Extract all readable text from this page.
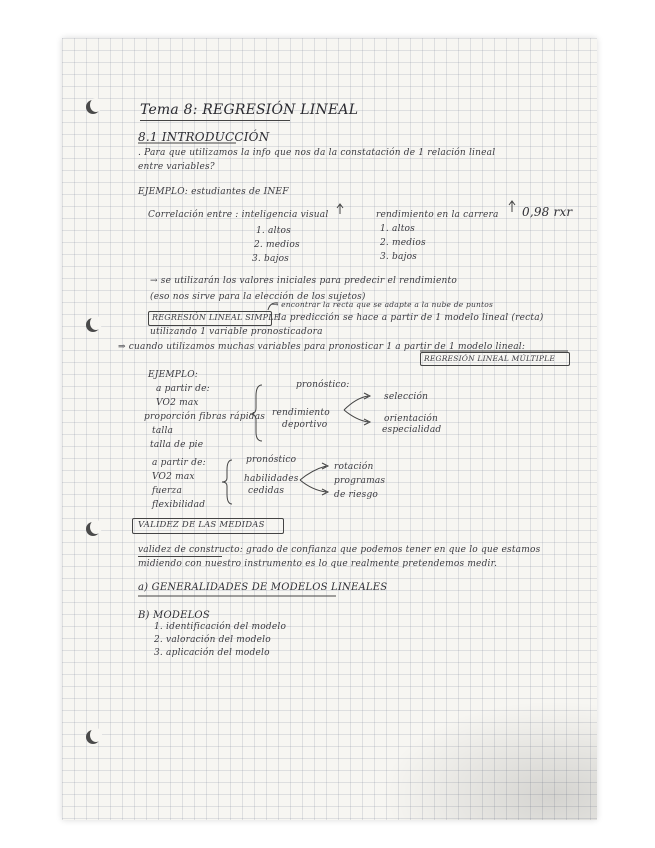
Tema 8: REGRESIÓN LINEAL
8.1 INTRODUCCIÓN
. Para que utilizamos la info que nos da la constatación de 1 relación lineal
entre variables?
EJEMPLO: estudiantes de INEF
Correlación entre : inteligencia visual	rendimiento en la carrera 0,98 rxr
1. altos
2. medios
3. bajos
1. altos
2. medios
3. bajos
→ se utilizarán los valores iniciales para predecir el rendimiento
(eso nos sirve para la elección de los sujetos)
→ encontrar la recta que se adapte a la nube de puntos
REGRESIÓN LINEAL SIMPLE
la predicción se hace a partir de 1 modelo lineal (recta)
utilizando 1 variable pronosticadora
⇒ cuando utilizamos muchas variables para pronosticar 1 a partir de 1 modelo lineal:
REGRESIÓN LINEAL MÚLTIPLE
EJEMPLO:
a partir de:
VO2 max
proporción fibras rápidas
talla
talla de pie
pronóstico:
rendimiento
deportivo
selección
orientación
especialidad
a partir de:
VO2 max
fuerza
flexibilidad
pronóstico
habilidades
cedidas
rotación
programas
de riesgo
VALIDEZ DE LAS MEDIDAS
validez de constructo: grado de confianza que podemos tener en que lo que estamos
midiendo con nuestro instrumento es lo que realmente pretendemos medir.
a) GENERALIDADES DE MODELOS LINEALES
B) MODELOS
1. identificación del modelo
2. valoración del modelo
3. aplicación del modelo
